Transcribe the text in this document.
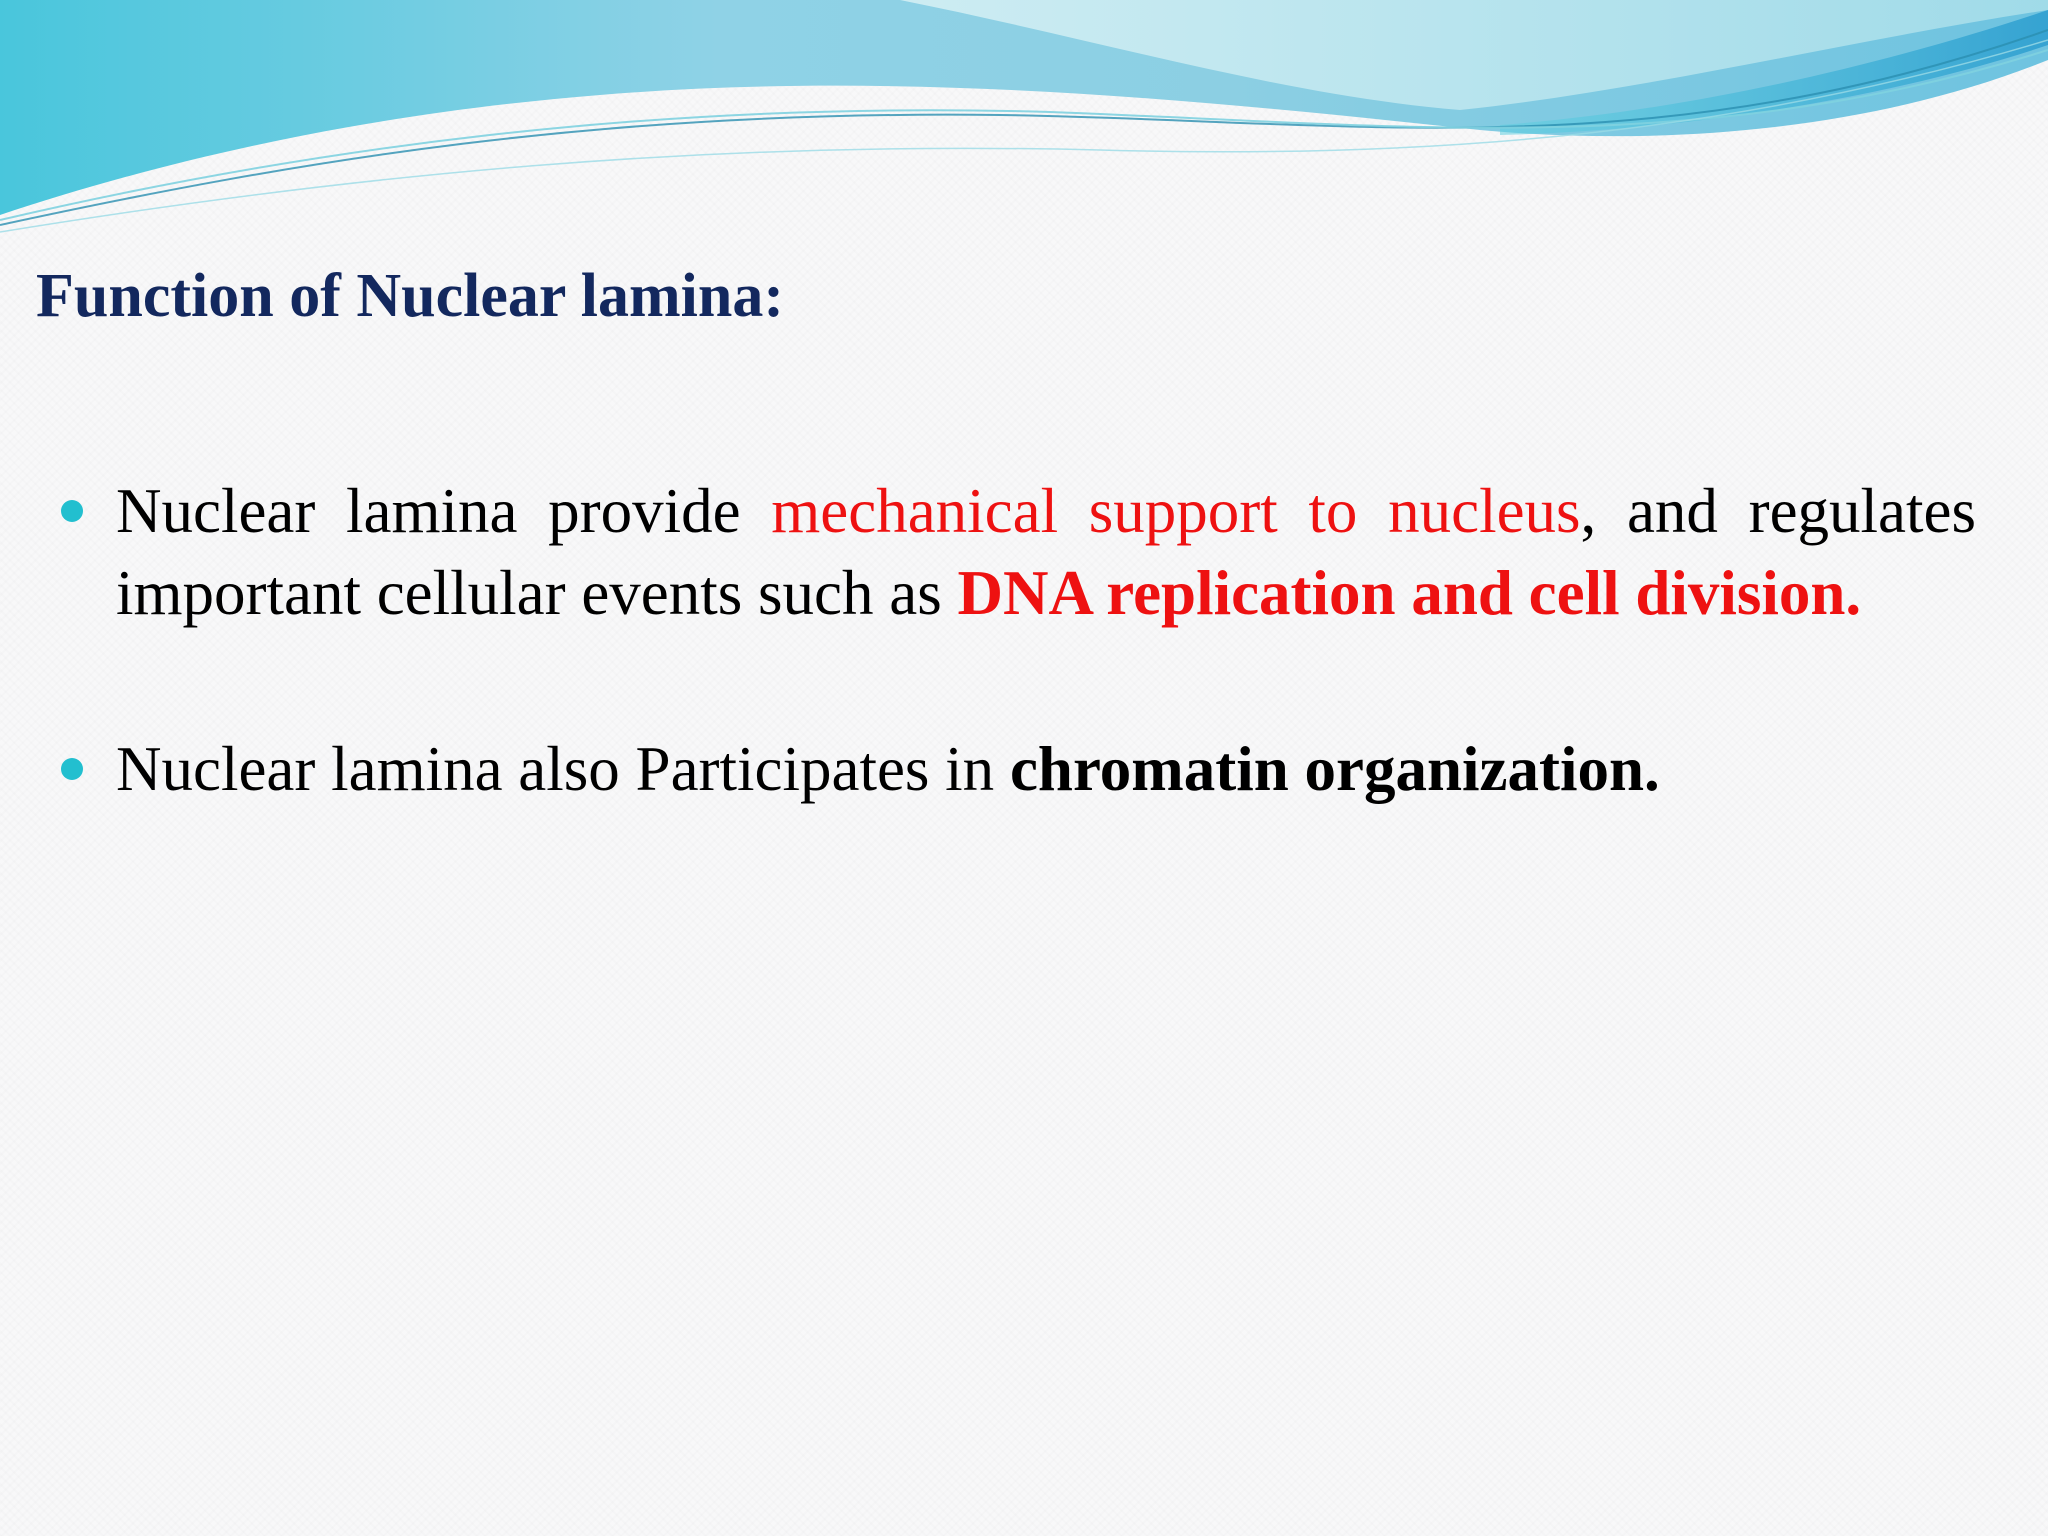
Function of Nuclear lamina:
Nuclear lamina provide mechanical support to nucleus, and regulates important cellular events such as DNA replication and cell division.
Nuclear lamina also Participates in chromatin organization.
